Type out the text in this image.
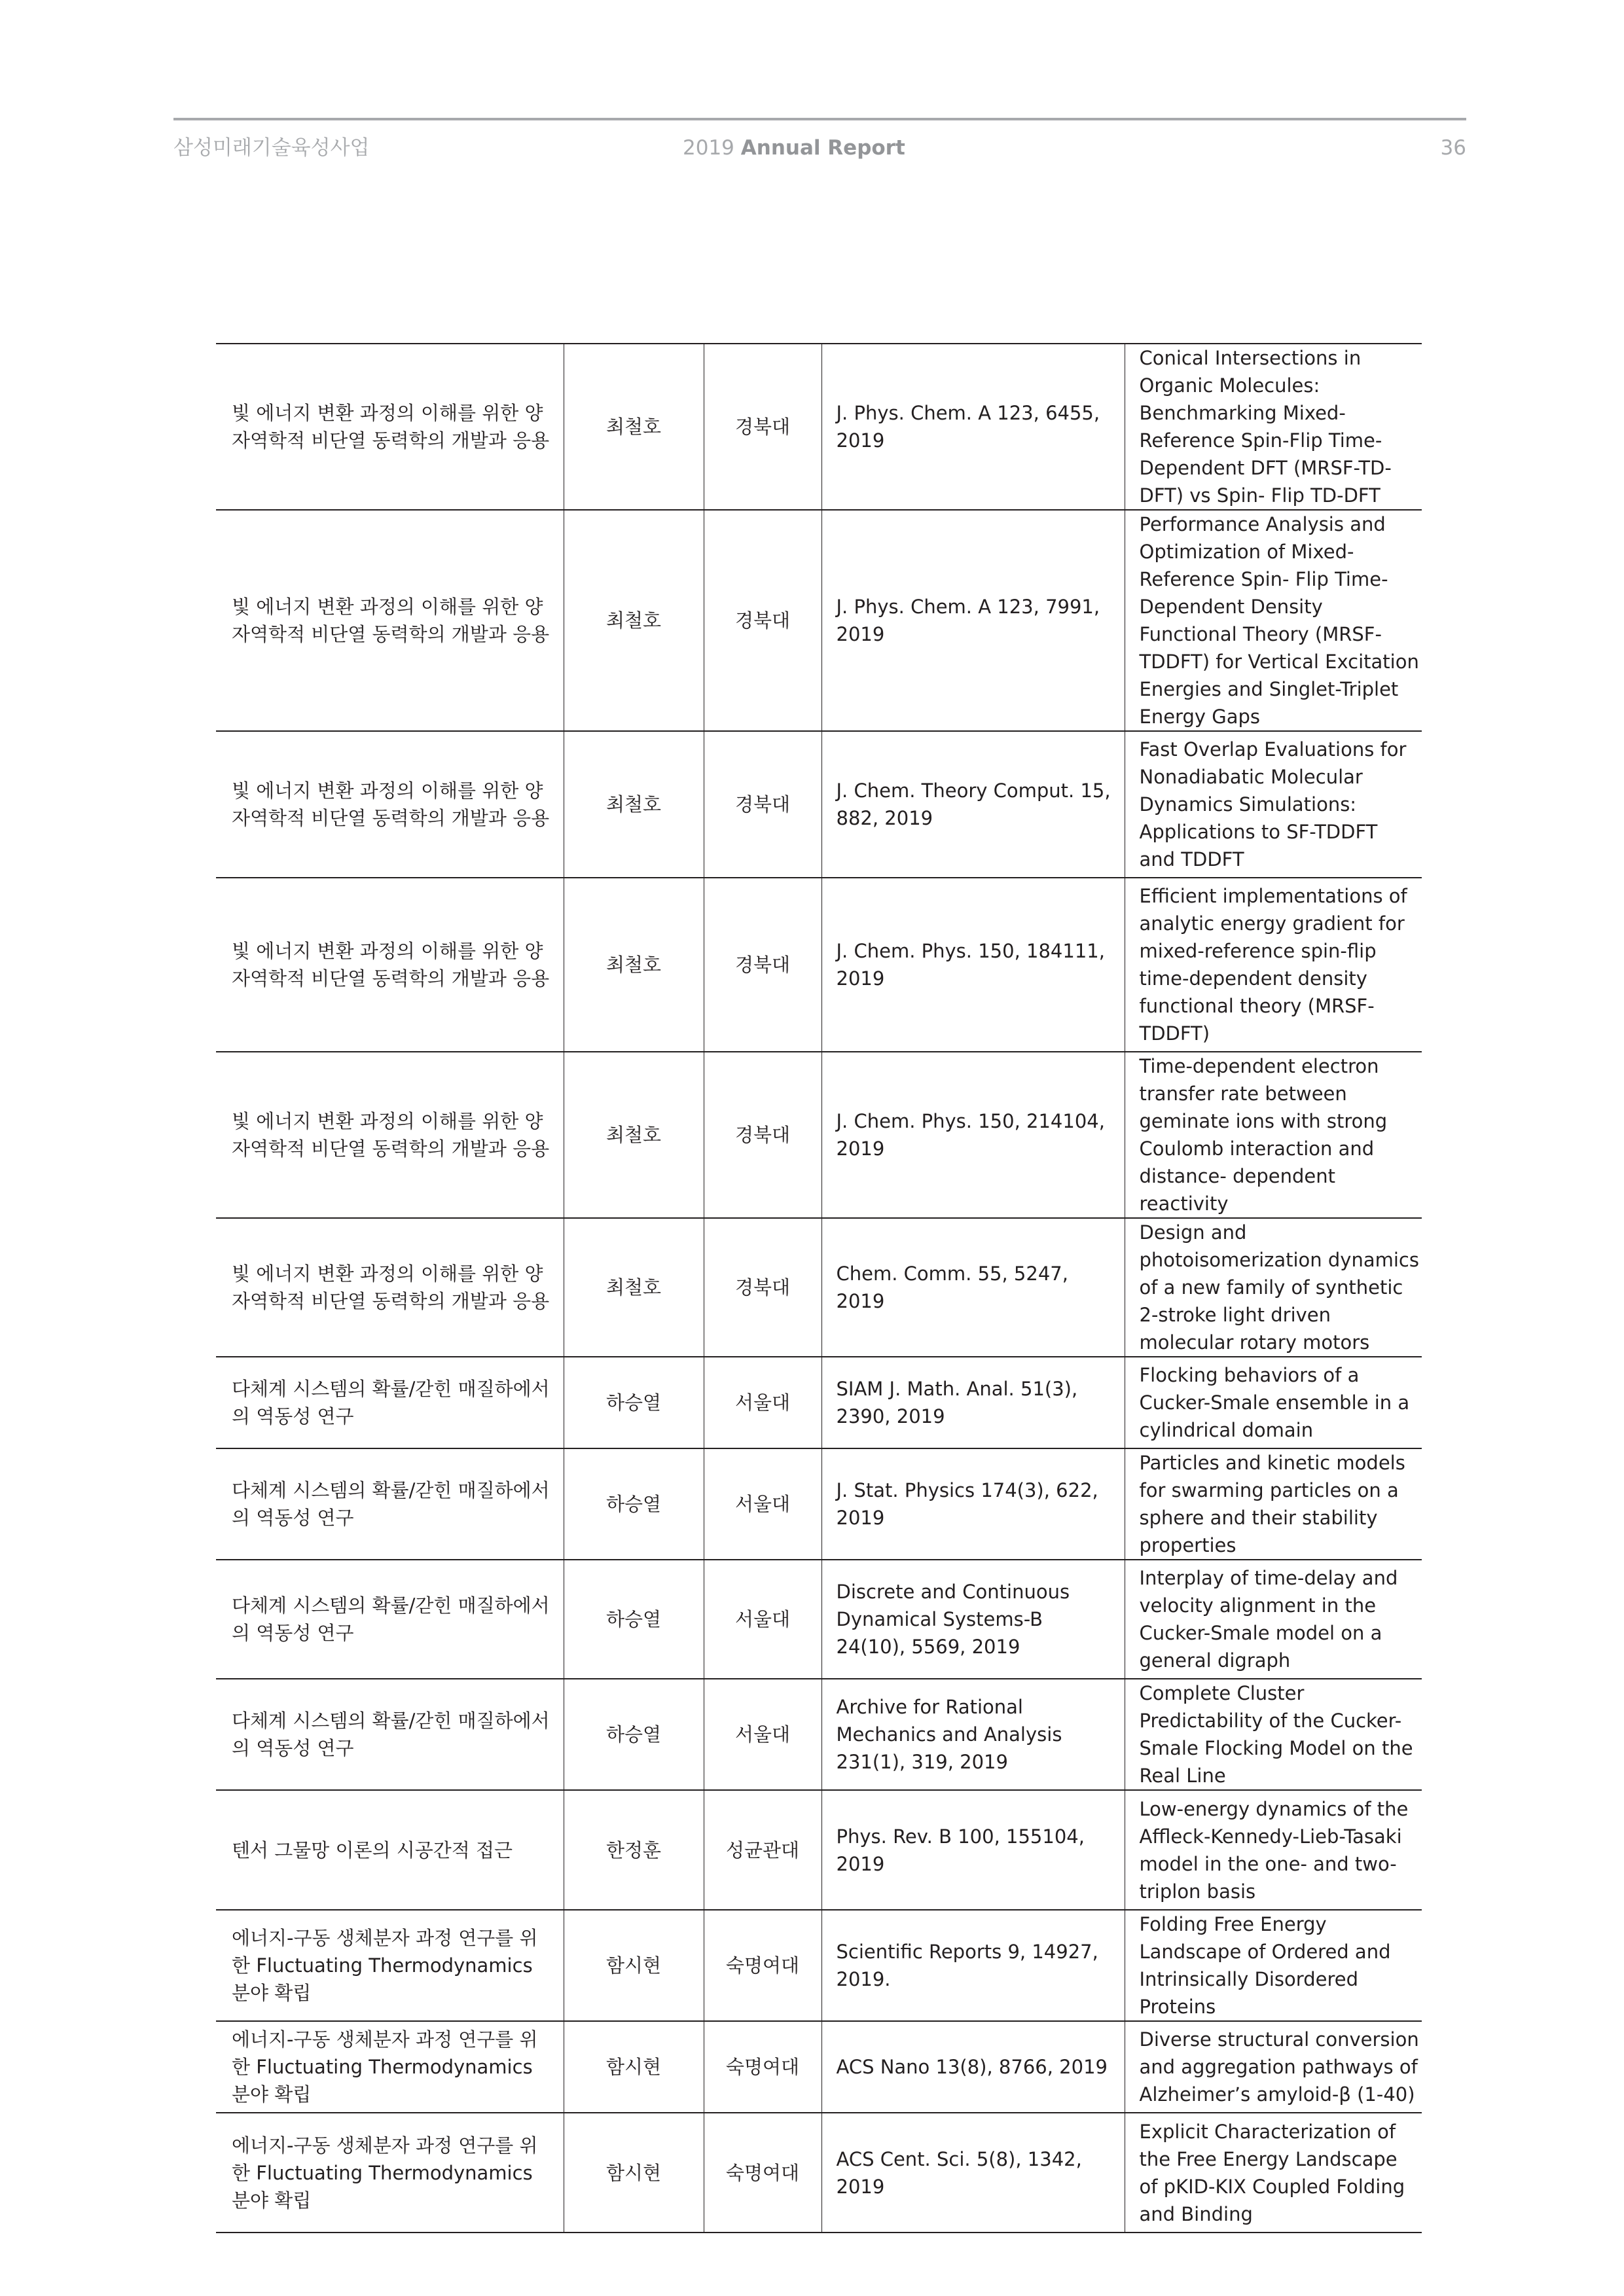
삼성미래기술육성사업	2019 Annual Report	36
빛 에너지 변환 과정의 이해를 위한 양자역학적 비단열 동력학의 개발과 응용	최철호	경북대	J. Phys. Chem. A 123, 6455, 2019	Conical Intersections in Organic Molecules: Benchmarking Mixed- Reference Spin-Flip Time-Dependent DFT (MRSF-TD-DFT) vs Spin- Flip TD-DFT
빛 에너지 변환 과정의 이해를 위한 양자역학적 비단열 동력학의 개발과 응용	최철호	경북대	J. Phys. Chem. A 123, 7991, 2019	Performance Analysis and Optimization of Mixed-Reference Spin- Flip Time-Dependent Density Functional Theory (MRSF-TDDFT) for Vertical Excitation Energies and Singlet-Triplet Energy Gaps
빛 에너지 변환 과정의 이해를 위한 양자역학적 비단열 동력학의 개발과 응용	최철호	경북대	J. Chem. Theory Comput. 15, 882, 2019	Fast Overlap Evaluations for Nonadiabatic Molecular Dynamics Simulations: Applications to SF-TDDFT and TDDFT
빛 에너지 변환 과정의 이해를 위한 양자역학적 비단열 동력학의 개발과 응용	최철호	경북대	J. Chem. Phys. 150, 184111, 2019	Efficient implementations of analytic energy gradient for mixed-reference spin-flip time-dependent density functional theory (MRSF-TDDFT)
빛 에너지 변환 과정의 이해를 위한 양자역학적 비단열 동력학의 개발과 응용	최철호	경북대	J. Chem. Phys. 150, 214104, 2019	Time-dependent electron transfer rate between geminate ions with strong Coulomb interaction and distance- dependent reactivity
빛 에너지 변환 과정의 이해를 위한 양자역학적 비단열 동력학의 개발과 응용	최철호	경북대	Chem. Comm. 55, 5247, 2019	Design and photoisomerization dynamics of a new family of synthetic 2-stroke light driven molecular rotary motors
다체계 시스템의 확률/갇힌 매질하에서의 역동성 연구	하승열	서울대	SIAM J. Math. Anal. 51(3), 2390, 2019	Flocking behaviors of a Cucker-Smale ensemble in a cylindrical domain
다체계 시스템의 확률/갇힌 매질하에서의 역동성 연구	하승열	서울대	J. Stat. Physics 174(3), 622, 2019	Particles and kinetic models for swarming particles on a sphere and their stability properties
다체계 시스템의 확률/갇힌 매질하에서의 역동성 연구	하승열	서울대	Discrete and Continuous Dynamical Systems-B 24(10), 5569, 2019	Interplay of time-delay and velocity alignment in the Cucker-Smale model on a general digraph
다체계 시스템의 확률/갇힌 매질하에서의 역동성 연구	하승열	서울대	Archive for Rational Mechanics and Analysis 231(1), 319, 2019	Complete Cluster Predictability of the Cucker-Smale Flocking Model on the Real Line
텐서 그물망 이론의 시공간적 접근	한정훈	성균관대	Phys. Rev. B 100, 155104, 2019	Low-energy dynamics of the Affleck-Kennedy-Lieb-Tasaki model in the one- and two-triplon basis
에너지-구동 생체분자 과정 연구를 위한 Fluctuating Thermodynamics 분야 확립	함시현	숙명여대	Scientific Reports 9, 14927, 2019.	Folding Free Energy Landscape of Ordered and Intrinsically Disordered Proteins
에너지-구동 생체분자 과정 연구를 위한 Fluctuating Thermodynamics 분야 확립	함시현	숙명여대	ACS Nano 13(8), 8766, 2019	Diverse structural conversion and aggregation pathways of Alzheimer’s amyloid-β (1-40)
에너지-구동 생체분자 과정 연구를 위한 Fluctuating Thermodynamics 분야 확립	함시현	숙명여대	ACS Cent. Sci. 5(8), 1342, 2019	Explicit Characterization of the Free Energy Landscape of pKID-KIX Coupled Folding and Binding
